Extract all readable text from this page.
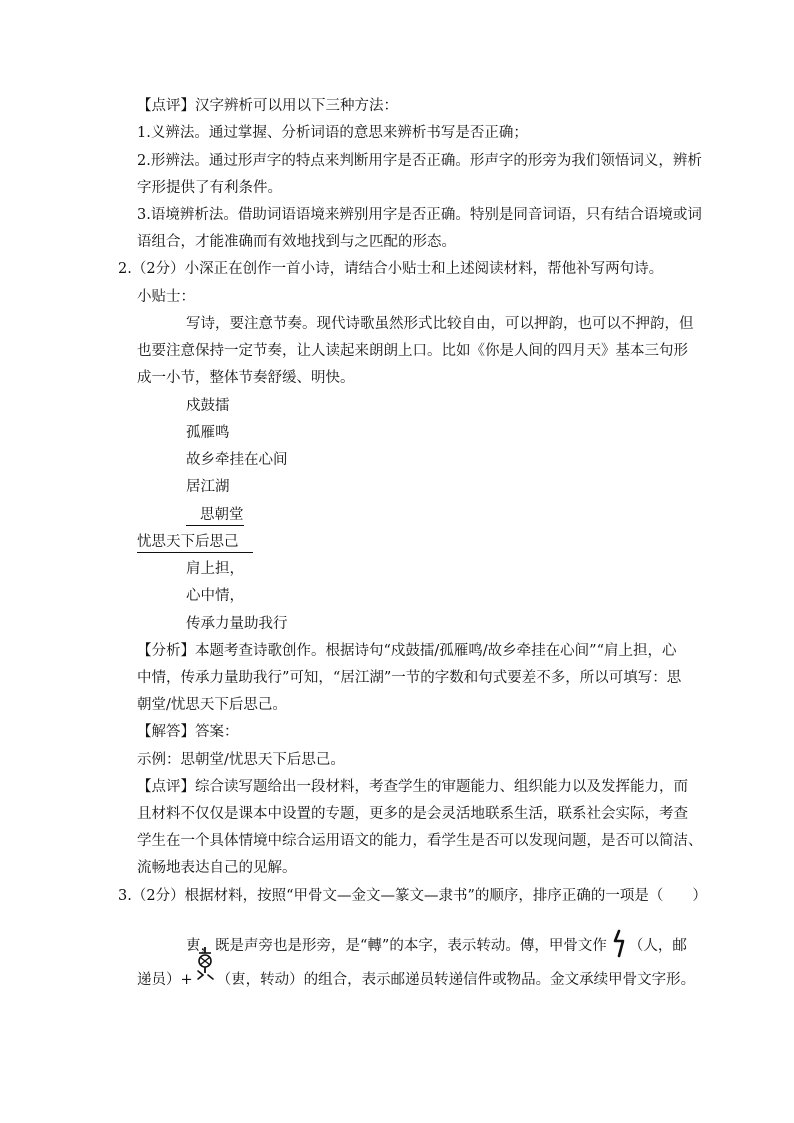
【点评】汉字辨析可以用以下三种方法：
1.义辨法。通过掌握、分析词语的意思来辨析书写是否正确；
2.形辨法。通过形声字的特点来判断用字是否正确。形声字的形旁为我们领悟词义，辨析
字形提供了有利条件。
3.语境辨析法。借助词语语境来辨别用字是否正确。特别是同音词语，只有结合语境或词
语组合，才能准确而有效地找到与之匹配的形态。
2.（2分）小深正在创作一首小诗，请结合小贴士和上述阅读材料，帮他补写两句诗。
小贴士：
写诗，要注意节奏。现代诗歌虽然形式比较自由，可以押韵，也可以不押韵，但
也要注意保持一定节奏，让人读起来朗朗上口。比如《你是人间的四月天》基本三句形
成一小节，整体节奏舒缓、明快。
戍鼓擂
孤雁鸣
故乡牵挂在心间
居江湖
思朝堂
忧思天下后思己
肩上担，
心中情，
传承力量助我行
【分析】本题考查诗歌创作。根据诗句“戍鼓擂/孤雁鸣/故乡牵挂在心间”“肩上担，心
中情，传承力量助我行”可知，“居江湖”一节的字数和句式要差不多，所以可填写：思
朝堂/忧思天下后思己。
【解答】答案：
示例：思朝堂/忧思天下后思己。
【点评】综合读写题给出一段材料，考查学生的审题能力、组织能力以及发挥能力，而
且材料不仅仅是课本中设置的专题，更多的是会灵活地联系生活，联系社会实际，考查
学生在一个具体情境中综合运用语文的能力，看学生是否可以发现问题，是否可以简洁、
流畅地表达自己的见解。
3.（2分）根据材料，按照“甲骨文—金文—篆文—隶书”的顺序，排序正确的一项是（　　）
叀，既是声旁也是形旁，是“轉”的本字，表示转动。傳，甲骨文作 （人，邮
递员）+ （叀，转动）的组合，表示邮递员转递信件或物品。金文承续甲骨文字形。
